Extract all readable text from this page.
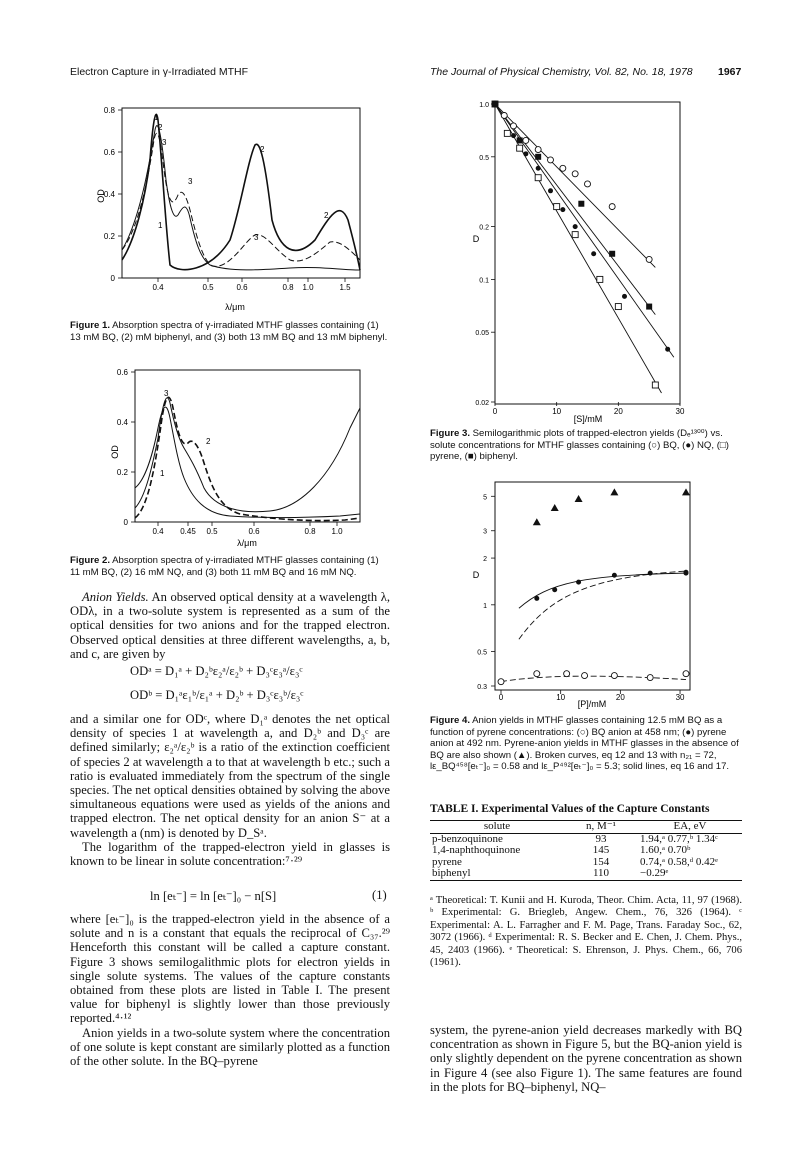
Electron Capture in γ-Irradiated MTHF	The Journal of Physical Chemistry, Vol. 82, No. 18, 1978 1967
0
0.2
0.4
0.6
0.8
0.4	0.5	0.6	0.8 1.0	1.5
OD
λ/μm
1
2
3
2
3
3
1
2
Figure 1. Absorption spectra of γ-irradiated MTHF glasses containing (1) 13 mM BQ, (2) mM biphenyl, and (3) both 13 mM BQ and 13 mM biphenyl.
0
0.2
0.4
0.6
0.4 0.45 0.5	0.6	0.8 1.0
OD
λ/μm
1
2
3
Figure 2. Absorption spectra of γ-irradiated MTHF glasses containing (1) 11 mM BQ, (2) 16 mM NQ, and (3) both 11 mM BQ and 16 mM NQ.

Anion Yields. An observed optical density at a wavelength λ, ODλ, in a two-solute system is represented as a sum of the optical densities for two anions and for the trapped electron. Observed optical densities at three different wavelengths, a, b, and c, are given by

ODᵃ = D₁ᵃ + D₂ᵇε₂ᵃ/ε₂ᵇ + D₃ᶜε₃ᵃ/ε₃ᶜ
ODᵇ = D₁ᵃε₁ᵇ/ε₁ᵃ + D₂ᵇ + D₃ᶜε₃ᵇ/ε₃ᶜ

and a similar one for ODᶜ, where D₁ᵃ denotes the net optical density of species 1 at wavelength a, and D₂ᵇ and D₃ᶜ are defined similarly; ε₂ᵃ/ε₂ᵇ is a ratio of the extinction coefficient of species 2 at wavelength a to that at wavelength b etc.; such a ratio is evaluated immediately from the spectrum of the single species. The net optical densities obtained by solving the above simultaneous equations were used as yields of the anions and trapped electron. The net optical density for an anion S⁻ at a wavelength a (nm) is denoted by D_Sᵃ.

The logarithm of the trapped-electron yield in glasses is known to be linear in solute concentration:⁷·²⁹

ln [eₜ⁻] = ln [eₜ⁻]₀ − n[S]	(1)

where [eₜ⁻]₀ is the trapped-electron yield in the absence of a solute and n is a constant that equals the reciprocal of C₃₇.²⁹ Henceforth this constant will be called a capture constant. Figure 3 shows semilogalithmic plots for electron yields in single solute systems. The values of the capture constants obtained from these plots are listed in Table I. The present value for biphenyl is slightly lower than those previously reported.⁴·¹²

Anion yields in a two-solute system where the concentration of one solute is kept constant are similarly plotted as a function of the other solute. In the BQ–pyrene

1.0
0.5
0.2
0.1
0.05
0.02
0	10	20	30
D
[S]/mM
Figure 3. Semilogarithmic plots of trapped-electron yields (Dₑ¹³⁰⁰) vs. solute concentrations for MTHF glasses containing (○) BQ, (●) NQ, (□) pyrene, (■) biphenyl.
5
3
2
1
0.5
0.3
0	10	20	30
D
[P]/mM
Figure 4. Anion yields in MTHF glasses containing 12.5 mM BQ as a function of pyrene concentrations: (○) BQ anion at 458 nm; (●) pyrene anion at 492 nm. Pyrene-anion yields in MTHF glasses in the absence of BQ are also shown (▲). Broken curves, eq 12 and 13 with n₂₁ = 72, lε_BQ⁴⁵⁸[eₜ⁻]₀ = 0.58 and lε_P⁴⁹²[eₜ⁻]₀ = 5.3; solid lines, eq 16 and 17.
TABLE I. Experimental Values of the Capture Constants
solute	n, M⁻¹	EA, eV
p-benzoquinone	93	1.94,ᵃ 0.77,ᵇ 1.34ᶜ
1,4-naphthoquinone	145	1.60,ᵃ 0.70ᵇ
pyrene	154	0.74,ᵃ 0.58,ᵈ 0.42ᵉ
biphenyl	110	−0.29ᵉ
ᵃ Theoretical: T. Kunii and H. Kuroda, Theor. Chim. Acta, 11, 97 (1968). ᵇ Experimental: G. Briegleb, Angew. Chem., 76, 326 (1964). ᶜ Experimental: A. L. Farragher and F. M. Page, Trans. Faraday Soc., 62, 3072 (1966). ᵈ Experimental: R. S. Becker and E. Chen, J. Chem. Phys., 45, 2403 (1966). ᵉ Theoretical: S. Ehrenson, J. Phys. Chem., 66, 706 (1961).
system, the pyrene-anion yield decreases markedly with BQ concentration as shown in Figure 5, but the BQ-anion yield is only slightly dependent on the pyrene concentration as shown in Figure 4 (see also Figure 1). The same features are found in the plots for BQ–biphenyl, NQ–
